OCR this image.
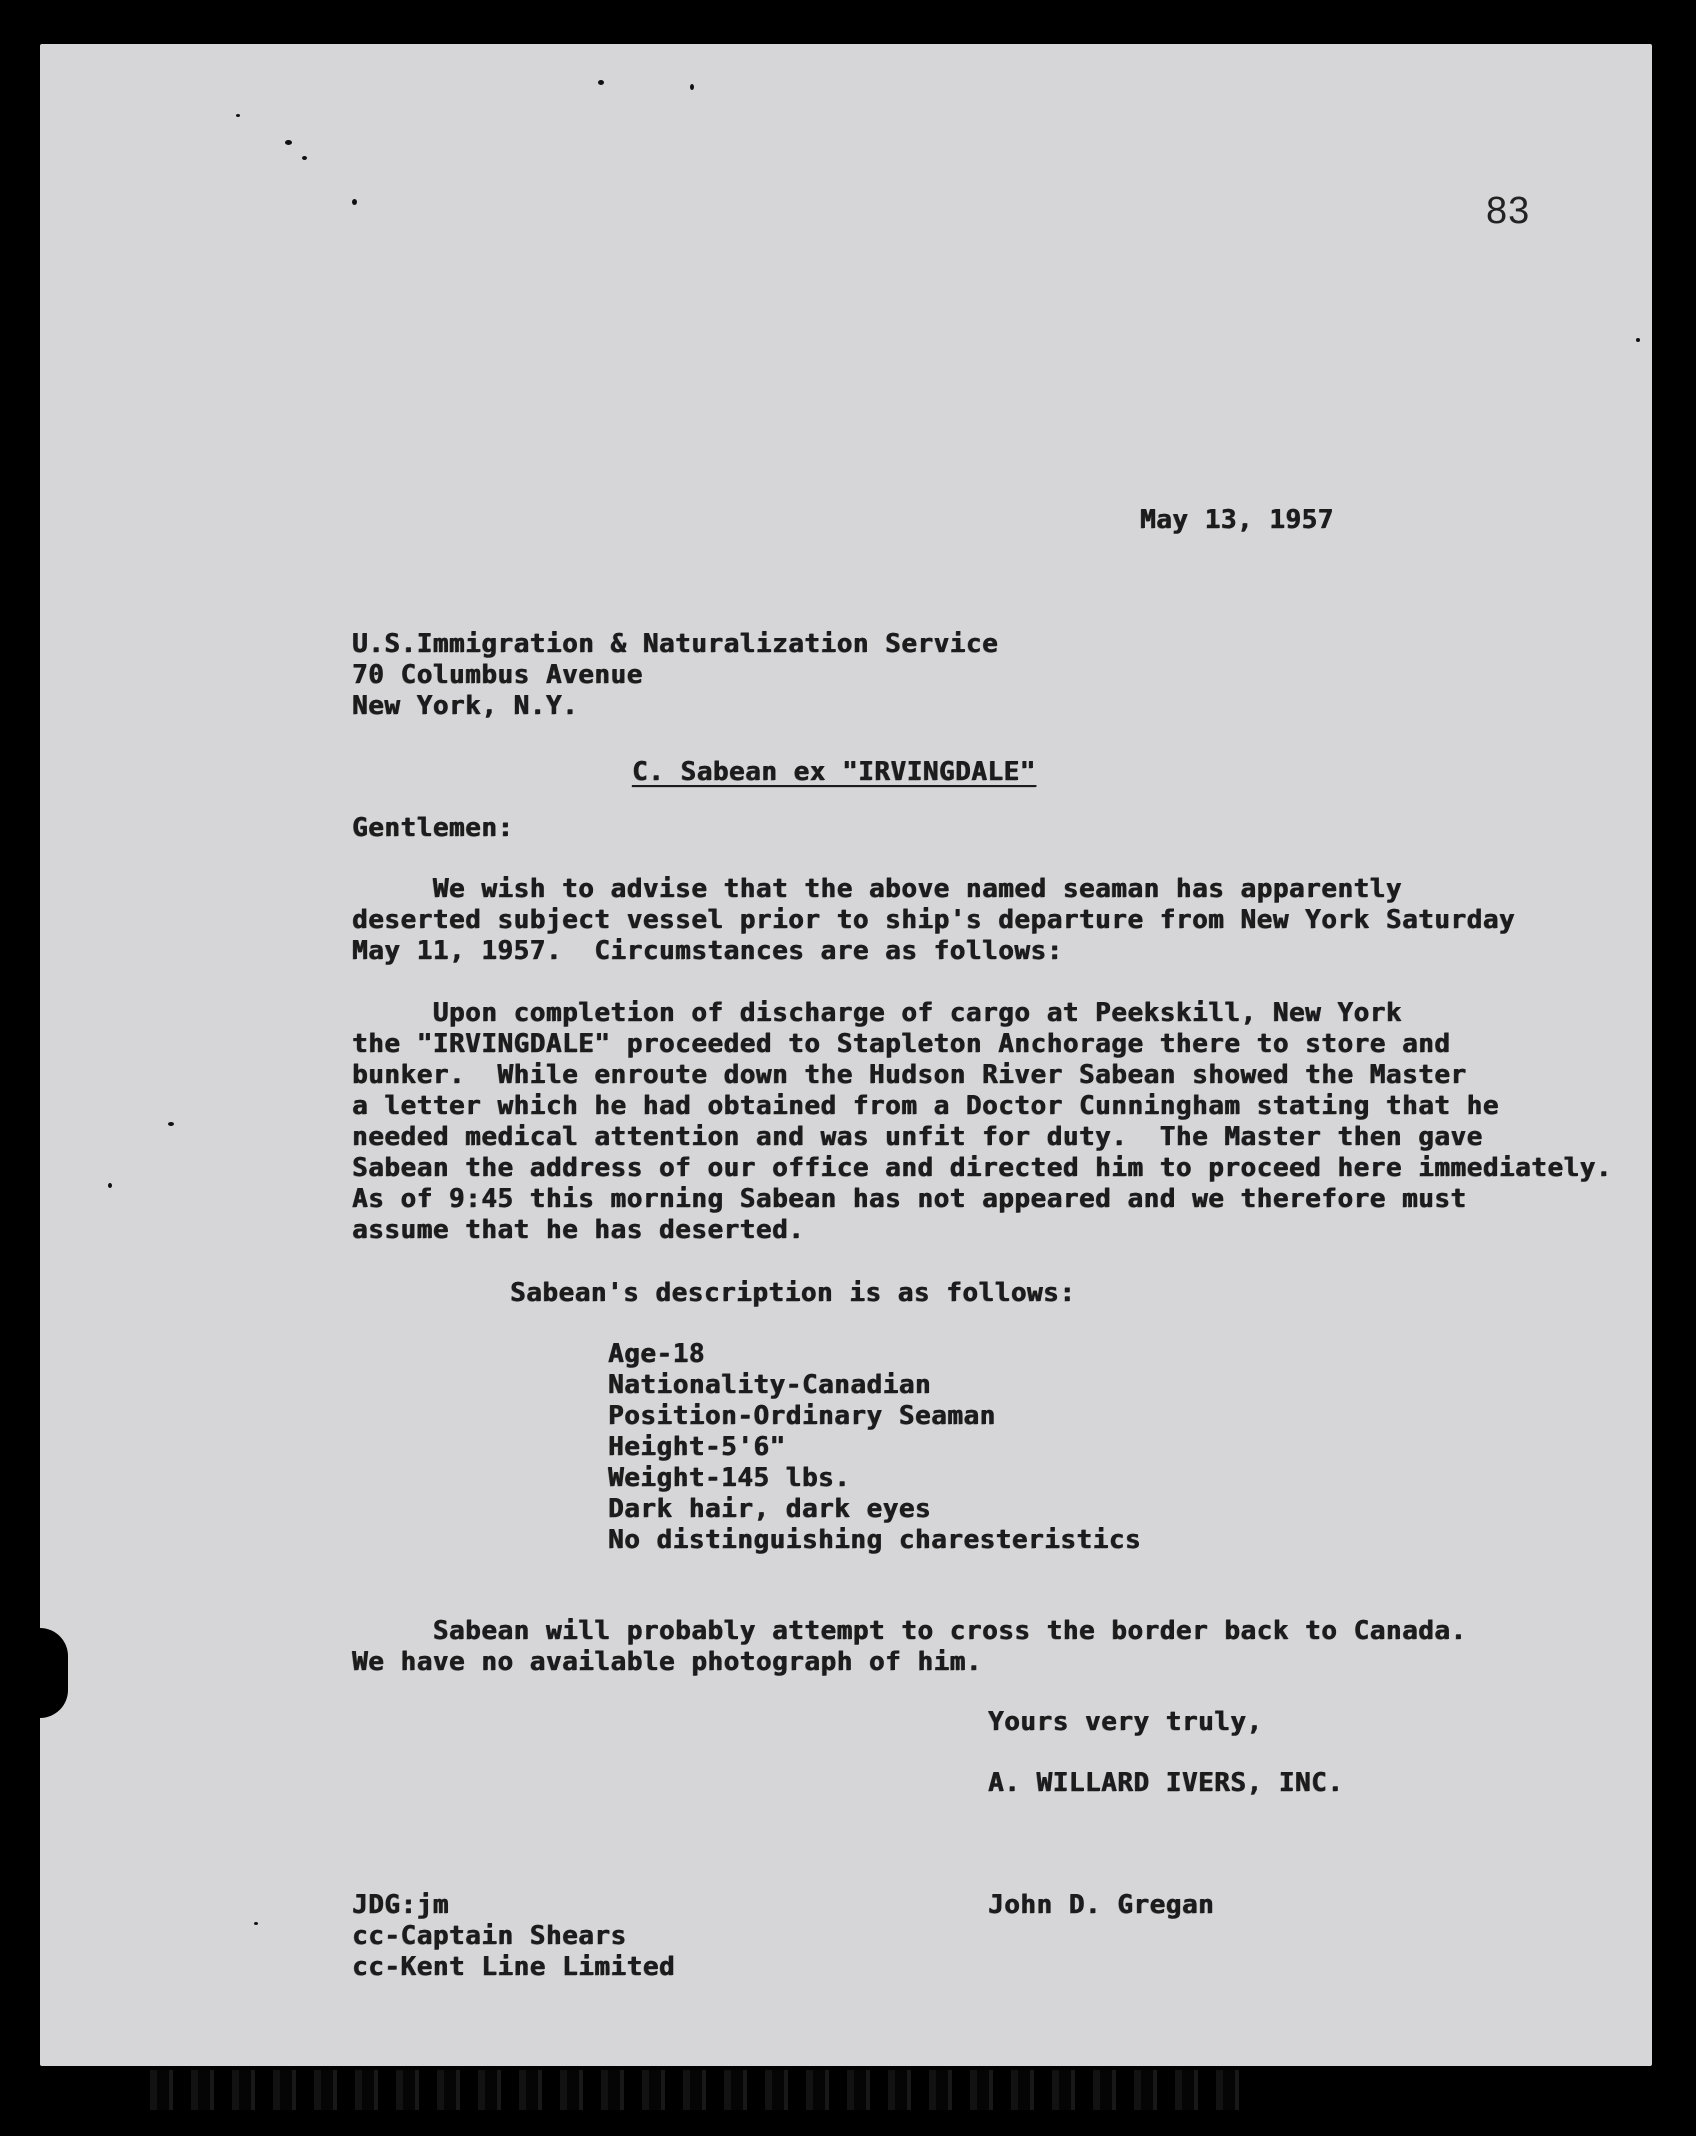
83
May 13, 1957
U.S.Immigration & Naturalization Service
70 Columbus Avenue
New York, N.Y.
C. Sabean ex "IRVINGDALE"
Gentlemen:
We wish to advise that the above named seaman has apparently
deserted subject vessel prior to ship's departure from New York Saturday
May 11, 1957.  Circumstances are as follows:
Upon completion of discharge of cargo at Peekskill, New York
the "IRVINGDALE" proceeded to Stapleton Anchorage there to store and
bunker.  While enroute down the Hudson River Sabean showed the Master
a letter which he had obtained from a Doctor Cunningham stating that he
needed medical attention and was unfit for duty.  The Master then gave
Sabean the address of our office and directed him to proceed here immediately.
As of 9:45 this morning Sabean has not appeared and we therefore must
assume that he has deserted.
Sabean's description is as follows:
Age-18
Nationality-Canadian
Position-Ordinary Seaman
Height-5'6"
Weight-145 lbs.
Dark hair, dark eyes
No distinguishing charesteristics
Sabean will probably attempt to cross the border back to Canada.
We have no available photograph of him.
Yours very truly,
A. WILLARD IVERS, INC.
John D. Gregan
JDG:jm
cc-Captain Shears
cc-Kent Line Limited
